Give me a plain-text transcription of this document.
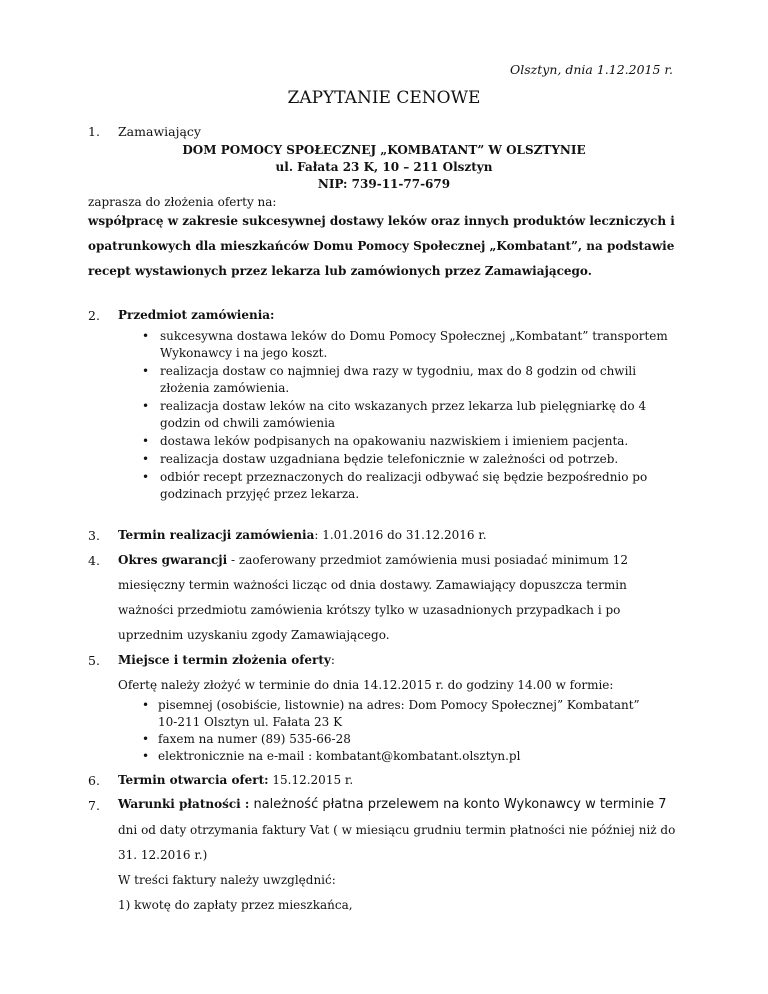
Olsztyn, dnia 1.12.2015 r.
ZAPYTANIE CENOWE
1. Zamawiający
DOM POMOCY SPOŁECZNEJ „KOMBATANT” W OLSZTYNIE
ul. Fałata 23 K, 10 – 211 Olsztyn
NIP: 739-11-77-679
zaprasza do złożenia oferty na:
współpracę w zakresie sukcesywnej dostawy leków oraz innych produktów leczniczych i
opatrunkowych dla mieszkańców Domu Pomocy Społecznej „Kombatant”, na podstawie
recept wystawionych przez lekarza lub zamówionych przez Zamawiającego.
2. Przedmiot zamówienia:
• sukcesywna dostawa leków do Domu Pomocy Społecznej „Kombatant” transportem
Wykonawcy i na jego koszt.
• realizacja dostaw co najmniej dwa razy w tygodniu, max do 8 godzin od chwili
złożenia zamówienia.
• realizacja dostaw leków na cito wskazanych przez lekarza lub pielęgniarkę do 4
godzin od chwili zamówienia
• dostawa leków podpisanych na opakowaniu nazwiskiem i imieniem pacjenta.
• realizacja dostaw uzgadniana będzie telefonicznie w zależności od potrzeb.
• odbiór recept przeznaczonych do realizacji odbywać się będzie bezpośrednio po
godzinach przyjęć przez lekarza.
3. Termin realizacji zamówienia: 1.01.2016 do 31.12.2016 r.
4. Okres gwarancji - zaoferowany przedmiot zamówienia musi posiadać minimum 12
miesięczny termin ważności licząc od dnia dostawy. Zamawiający dopuszcza termin
ważności przedmiotu zamówienia krótszy tylko w uzasadnionych przypadkach i po
uprzednim uzyskaniu zgody Zamawiającego.
5. Miejsce i termin złożenia oferty:
Ofertę należy złożyć w terminie do dnia 14.12.2015 r. do godziny 14.00 w formie:
• pisemnej (osobiście, listownie) na adres: Dom Pomocy Społecznej” Kombatant”
10-211 Olsztyn ul. Fałata 23 K
• faxem na numer (89) 535-66-28
• elektronicznie na e-mail : kombatant@kombatant.olsztyn.pl
6. Termin otwarcia ofert: 15.12.2015 r.
7. Warunki płatności : należność płatna przelewem na konto Wykonawcy w terminie 7
dni od daty otrzymania faktury Vat ( w miesiącu grudniu termin płatności nie później niż do
31. 12.2016 r.)
W treści faktury należy uwzględnić:
1) kwotę do zapłaty przez mieszkańca,
